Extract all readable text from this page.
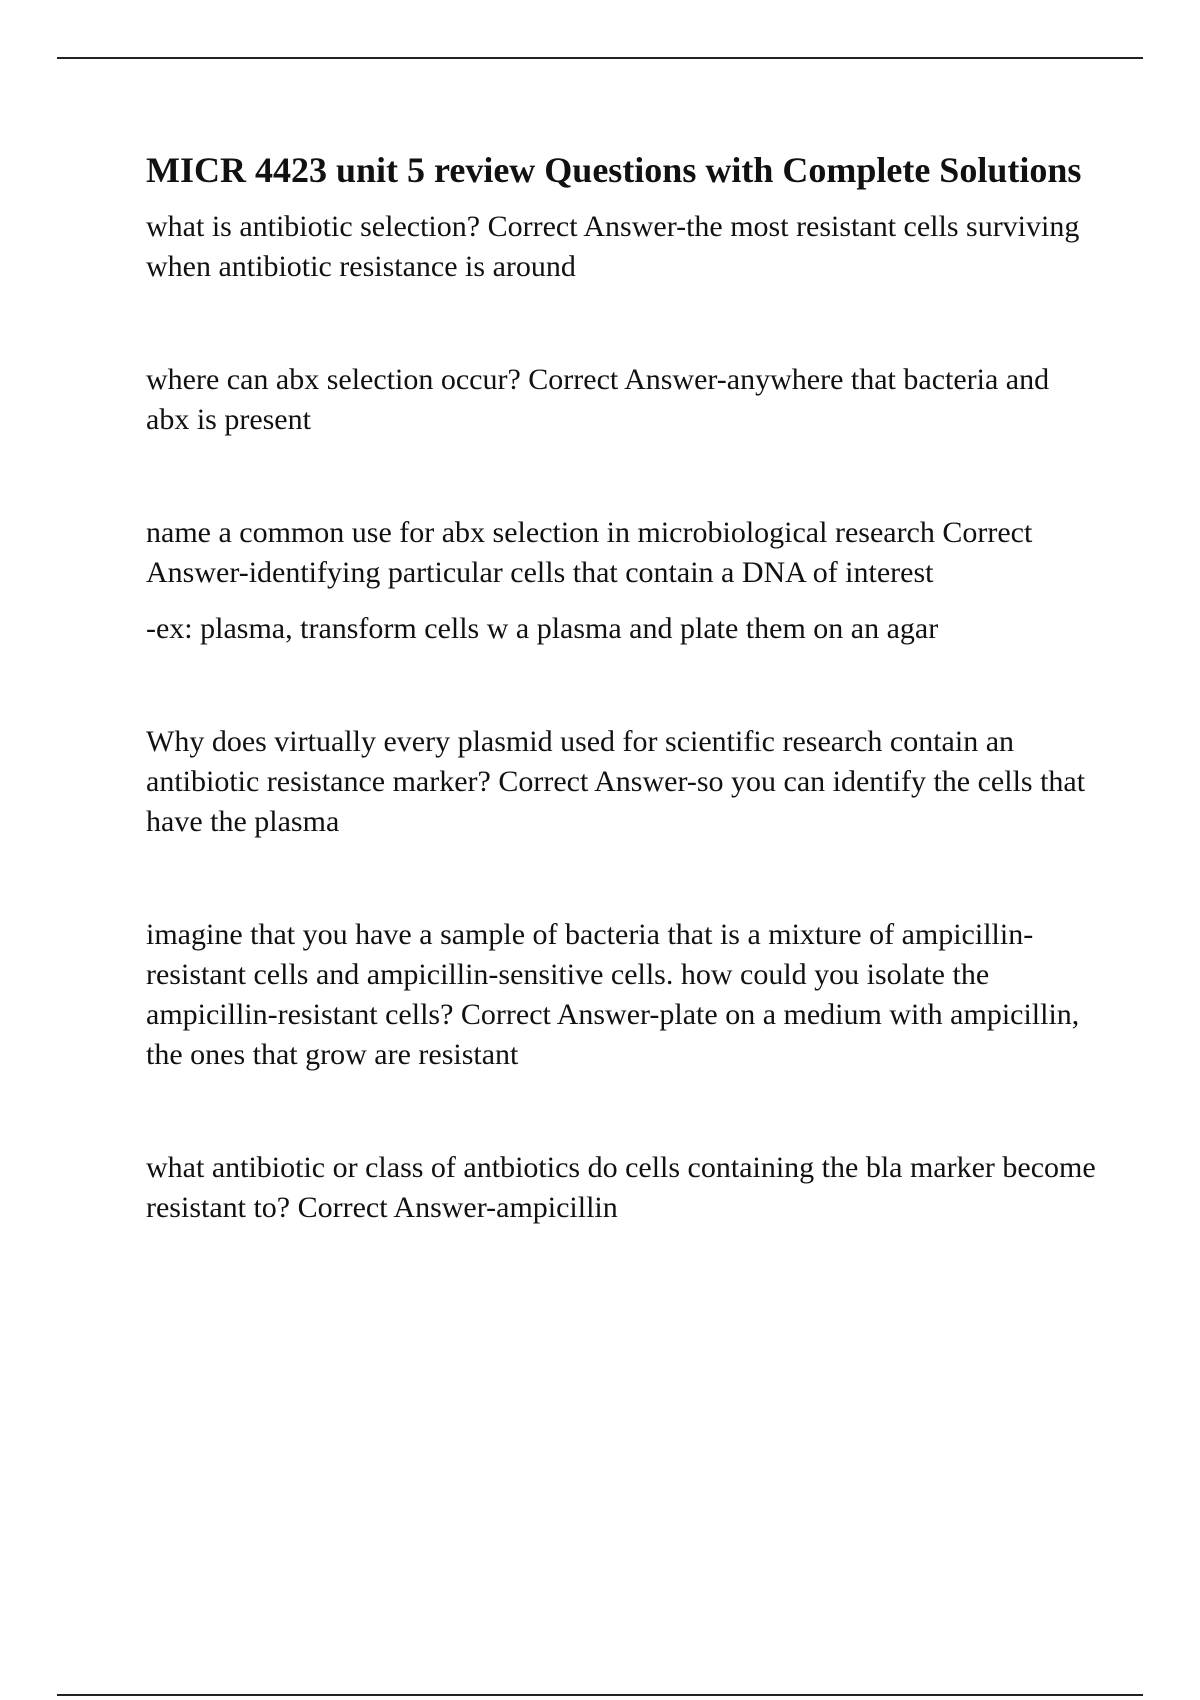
MICR 4423 unit 5 review Questions with Complete Solutions

what is antibiotic selection? Correct Answer-the most resistant cells surviving when antibiotic resistance is around

where can abx selection occur? Correct Answer-anywhere that bacteria and abx is present

name a common use for abx selection in microbiological research Correct Answer-identifying particular cells that contain a DNA of interest

-ex: plasma, transform cells w a plasma and plate them on an agar

Why does virtually every plasmid used for scientific research contain an antibiotic resistance marker? Correct Answer-so you can identify the cells that have the plasma

imagine that you have a sample of bacteria that is a mixture of ampicillin-resistant cells and ampicillin-sensitive cells. how could you isolate the ampicillin-resistant cells? Correct Answer-plate on a medium with ampicillin, the ones that grow are resistant

what antibiotic or class of antbiotics do cells containing the bla marker become resistant to? Correct Answer-ampicillin
